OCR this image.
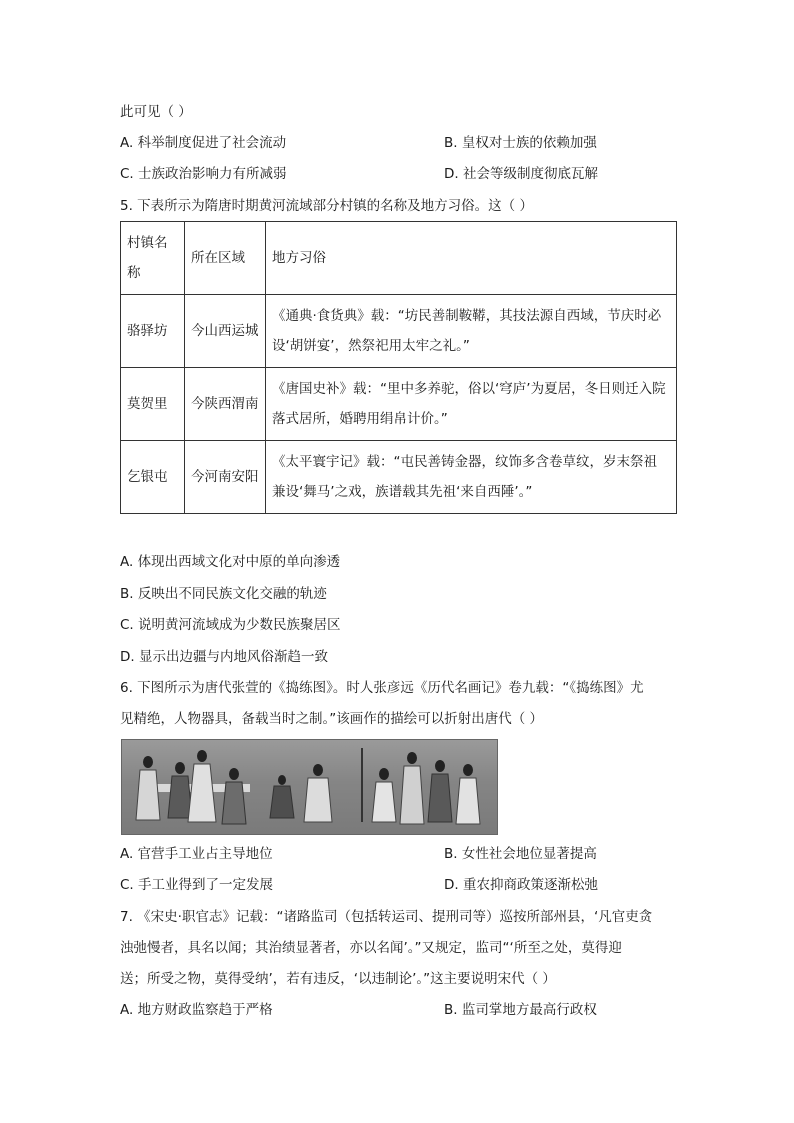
此可见（ ）
A. 科举制度促进了社会流动	B. 皇权对士族的依赖加强
C. 士族政治影响力有所减弱	D. 社会等级制度彻底瓦解
5. 下表所示为隋唐时期黄河流域部分村镇的名称及地方习俗。这（ ）
村镇名称	所在区域	地方习俗
骆驿坊	今山西运城	《通典·食货典》载：“坊民善制鞍鞯，其技法源自西域，节庆时必设‘胡饼宴’，然祭祀用太牢之礼。”
莫贺里	今陕西渭南	《唐国史补》载：“里中多养驼，俗以‘穹庐’为夏居，冬日则迁入院落式居所，婚聘用绢帛计价。”
乞银屯	今河南安阳	《太平寰宇记》载：“屯民善铸金器，纹饰多含卷草纹，岁末祭祖兼设‘舞马’之戏，族谱载其先祖‘来自西陲’。”
A. 体现出西域文化对中原的单向渗透
B. 反映出不同民族文化交融的轨迹
C. 说明黄河流域成为少数民族聚居区
D. 显示出边疆与内地风俗渐趋一致
6. 下图所示为唐代张萱的《捣练图》。时人张彦远《历代名画记》卷九载：“《捣练图》尤
见精绝，人物器具，备载当时之制。”该画作的描绘可以折射出唐代（ ）
A. 官营手工业占主导地位	B. 女性社会地位显著提高
C. 手工业得到了一定发展	D. 重农抑商政策逐渐松弛
7. 《宋史·职官志》记载：“诸路监司（包括转运司、提刑司等）巡按所部州县，‘凡官吏贪
浊弛慢者，具名以闻；其治绩显著者，亦以名闻’。”又规定，监司“‘所至之处，莫得迎
送；所受之物，莫得受纳’，若有违反，‘以违制论’。”这主要说明宋代（ ）
A. 地方财政监察趋于严格	B. 监司掌地方最高行政权
